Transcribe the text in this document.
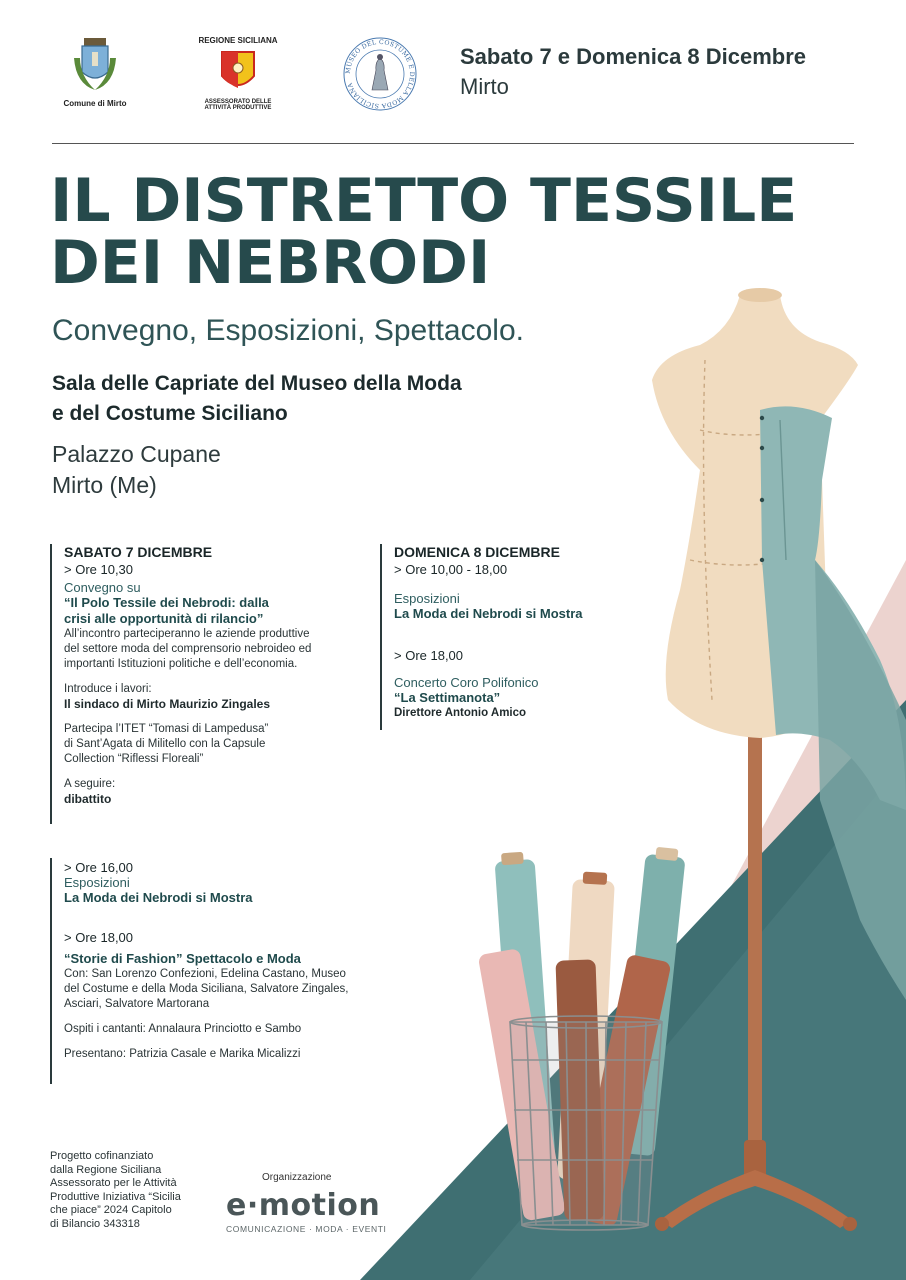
Comune di Mirto
REGIONE SICILIANA
ASSESSORATO DELLE
ATTIVITÀ PRODUTTIVE
MUSEO DEL COSTUME E DELLA MODA SICILIANA
Sabato 7 e Domenica 8 Dicembre
Mirto
IL DISTRETTO TESSILE
DEI NEBRODI
Convegno, Esposizioni, Spettacolo.
Sala delle Capriate del Museo della Moda
e del Costume Siciliano
Palazzo Cupane
Mirto (Me)
SABATO 7 DICEMBRE
> Ore 10,30
Convegno su
“Il Polo Tessile dei Nebrodi: dalla
crisi alle opportunità di rilancio”
All’incontro parteciperanno le aziende produttive
del settore moda del comprensorio nebroideo ed
importanti Istituzioni politiche e dell’economia.
Introduce i lavori:
Il sindaco di Mirto Maurizio Zingales
Partecipa l’ITET “Tomasi di Lampedusa”
di Sant’Agata di Militello con la Capsule
Collection “Riflessi Floreali”
A seguire:
dibattito
> Ore 16,00
Esposizioni
La Moda dei Nebrodi si Mostra
> Ore 18,00
“Storie di Fashion” Spettacolo e Moda
Con: San Lorenzo Confezioni, Edelina Castano, Museo
del Costume e della Moda Siciliana, Salvatore Zingales,
Asciari, Salvatore Martorana
Ospiti i cantanti: Annalaura Princiotto e Sambo
Presentano: Patrizia Casale e Marika Micalizzi
DOMENICA 8 DICEMBRE
> Ore 10,00 - 18,00
Esposizioni
La Moda dei Nebrodi si Mostra
> Ore 18,00
Concerto Coro Polifonico
“La Settimanota”
Direttore Antonio Amico
Progetto cofinanziato
dalla Regione Siciliana
Assessorato per le Attività
Produttive Iniziativa “Sicilia
che piace” 2024 Capitolo
di Bilancio 343318
Organizzazione
e·motion
COMUNICAZIONE · MODA · EVENTI
